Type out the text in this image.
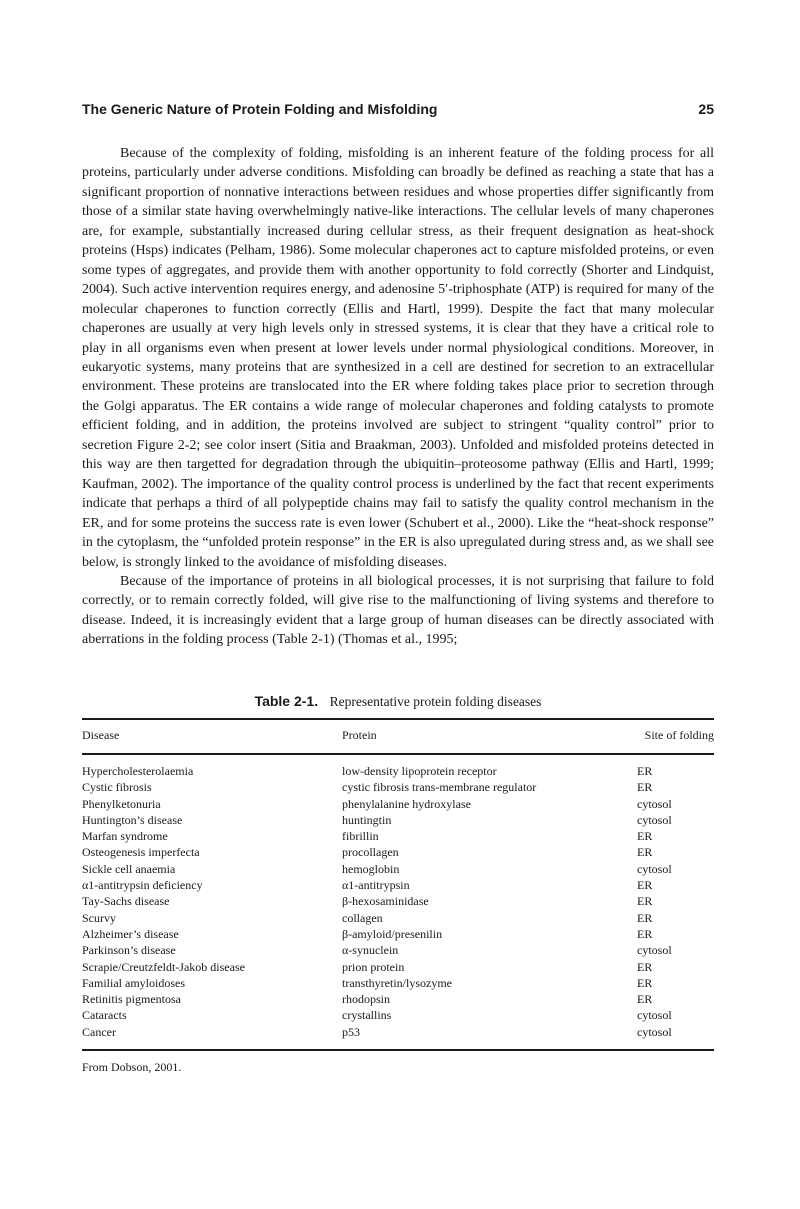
The Generic Nature of Protein Folding and Misfolding	25

Because of the complexity of folding, misfolding is an inherent feature of the folding process for all proteins, particularly under adverse conditions. Misfolding can broadly be defined as reaching a state that has a significant proportion of nonnative interactions between residues and whose properties differ significantly from those of a similar state having overwhelmingly native-like interactions. The cellular levels of many chaperones are, for example, substantially increased during cellular stress, as their frequent designation as heat-shock proteins (Hsps) indicates (Pelham, 1986). Some molecular chaperones act to capture misfolded proteins, or even some types of aggregates, and provide them with another opportunity to fold correctly (Shorter and Lindquist, 2004). Such active intervention requires energy, and adenosine 5′-triphosphate (ATP) is required for many of the molecular chaperones to function correctly (Ellis and Hartl, 1999). Despite the fact that many molecular chaperones are usually at very high levels only in stressed systems, it is clear that they have a critical role to play in all organisms even when present at lower levels under normal physiological conditions. Moreover, in eukaryotic systems, many proteins that are synthesized in a cell are destined for secretion to an extracellular environment. These proteins are translocated into the ER where folding takes place prior to secretion through the Golgi apparatus. The ER contains a wide range of molecular chaperones and folding catalysts to promote efficient folding, and in addition, the proteins involved are subject to stringent “quality control” prior to secretion Figure 2-2; see color insert (Sitia and Braakman, 2003). Unfolded and misfolded proteins detected in this way are then targetted for degradation through the ubiquitin–proteosome pathway (Ellis and Hartl, 1999; Kaufman, 2002). The importance of the quality control process is underlined by the fact that recent experiments indicate that perhaps a third of all polypeptide chains may fail to satisfy the quality control mechanism in the ER, and for some proteins the success rate is even lower (Schubert et al., 2000). Like the “heat-shock response” in the cytoplasm, the “unfolded protein response” in the ER is also upregulated during stress and, as we shall see below, is strongly linked to the avoidance of misfolding diseases.

Because of the importance of proteins in all biological processes, it is not surprising that failure to fold correctly, or to remain correctly folded, will give rise to the malfunctioning of living systems and therefore to disease. Indeed, it is increasingly evident that a large group of human diseases can be directly associated with aberrations in the folding process (Table 2-1) (Thomas et al., 1995;

Table 2-1. Representative protein folding diseases
Disease	Protein	Site of folding
Hypercholesterolaemia	low-density lipoprotein receptor	ER
Cystic fibrosis	cystic fibrosis trans-membrane regulator	ER
Phenylketonuria	phenylalanine hydroxylase	cytosol
Huntington’s disease	huntingtin	cytosol
Marfan syndrome	fibrillin	ER
Osteogenesis imperfecta	procollagen	ER
Sickle cell anaemia	hemoglobin	cytosol
α1-antitrypsin deficiency	α1-antitrypsin	ER
Tay-Sachs disease	β-hexosaminidase	ER
Scurvy	collagen	ER
Alzheimer’s disease	β-amyloid/presenilin	ER
Parkinson’s disease	α-synuclein	cytosol
Scrapie/Creutzfeldt-Jakob disease	prion protein	ER
Familial amyloidoses	transthyretin/lysozyme	ER
Retinitis pigmentosa	rhodopsin	ER
Cataracts	crystallins	cytosol
Cancer	p53	cytosol
From Dobson, 2001.
